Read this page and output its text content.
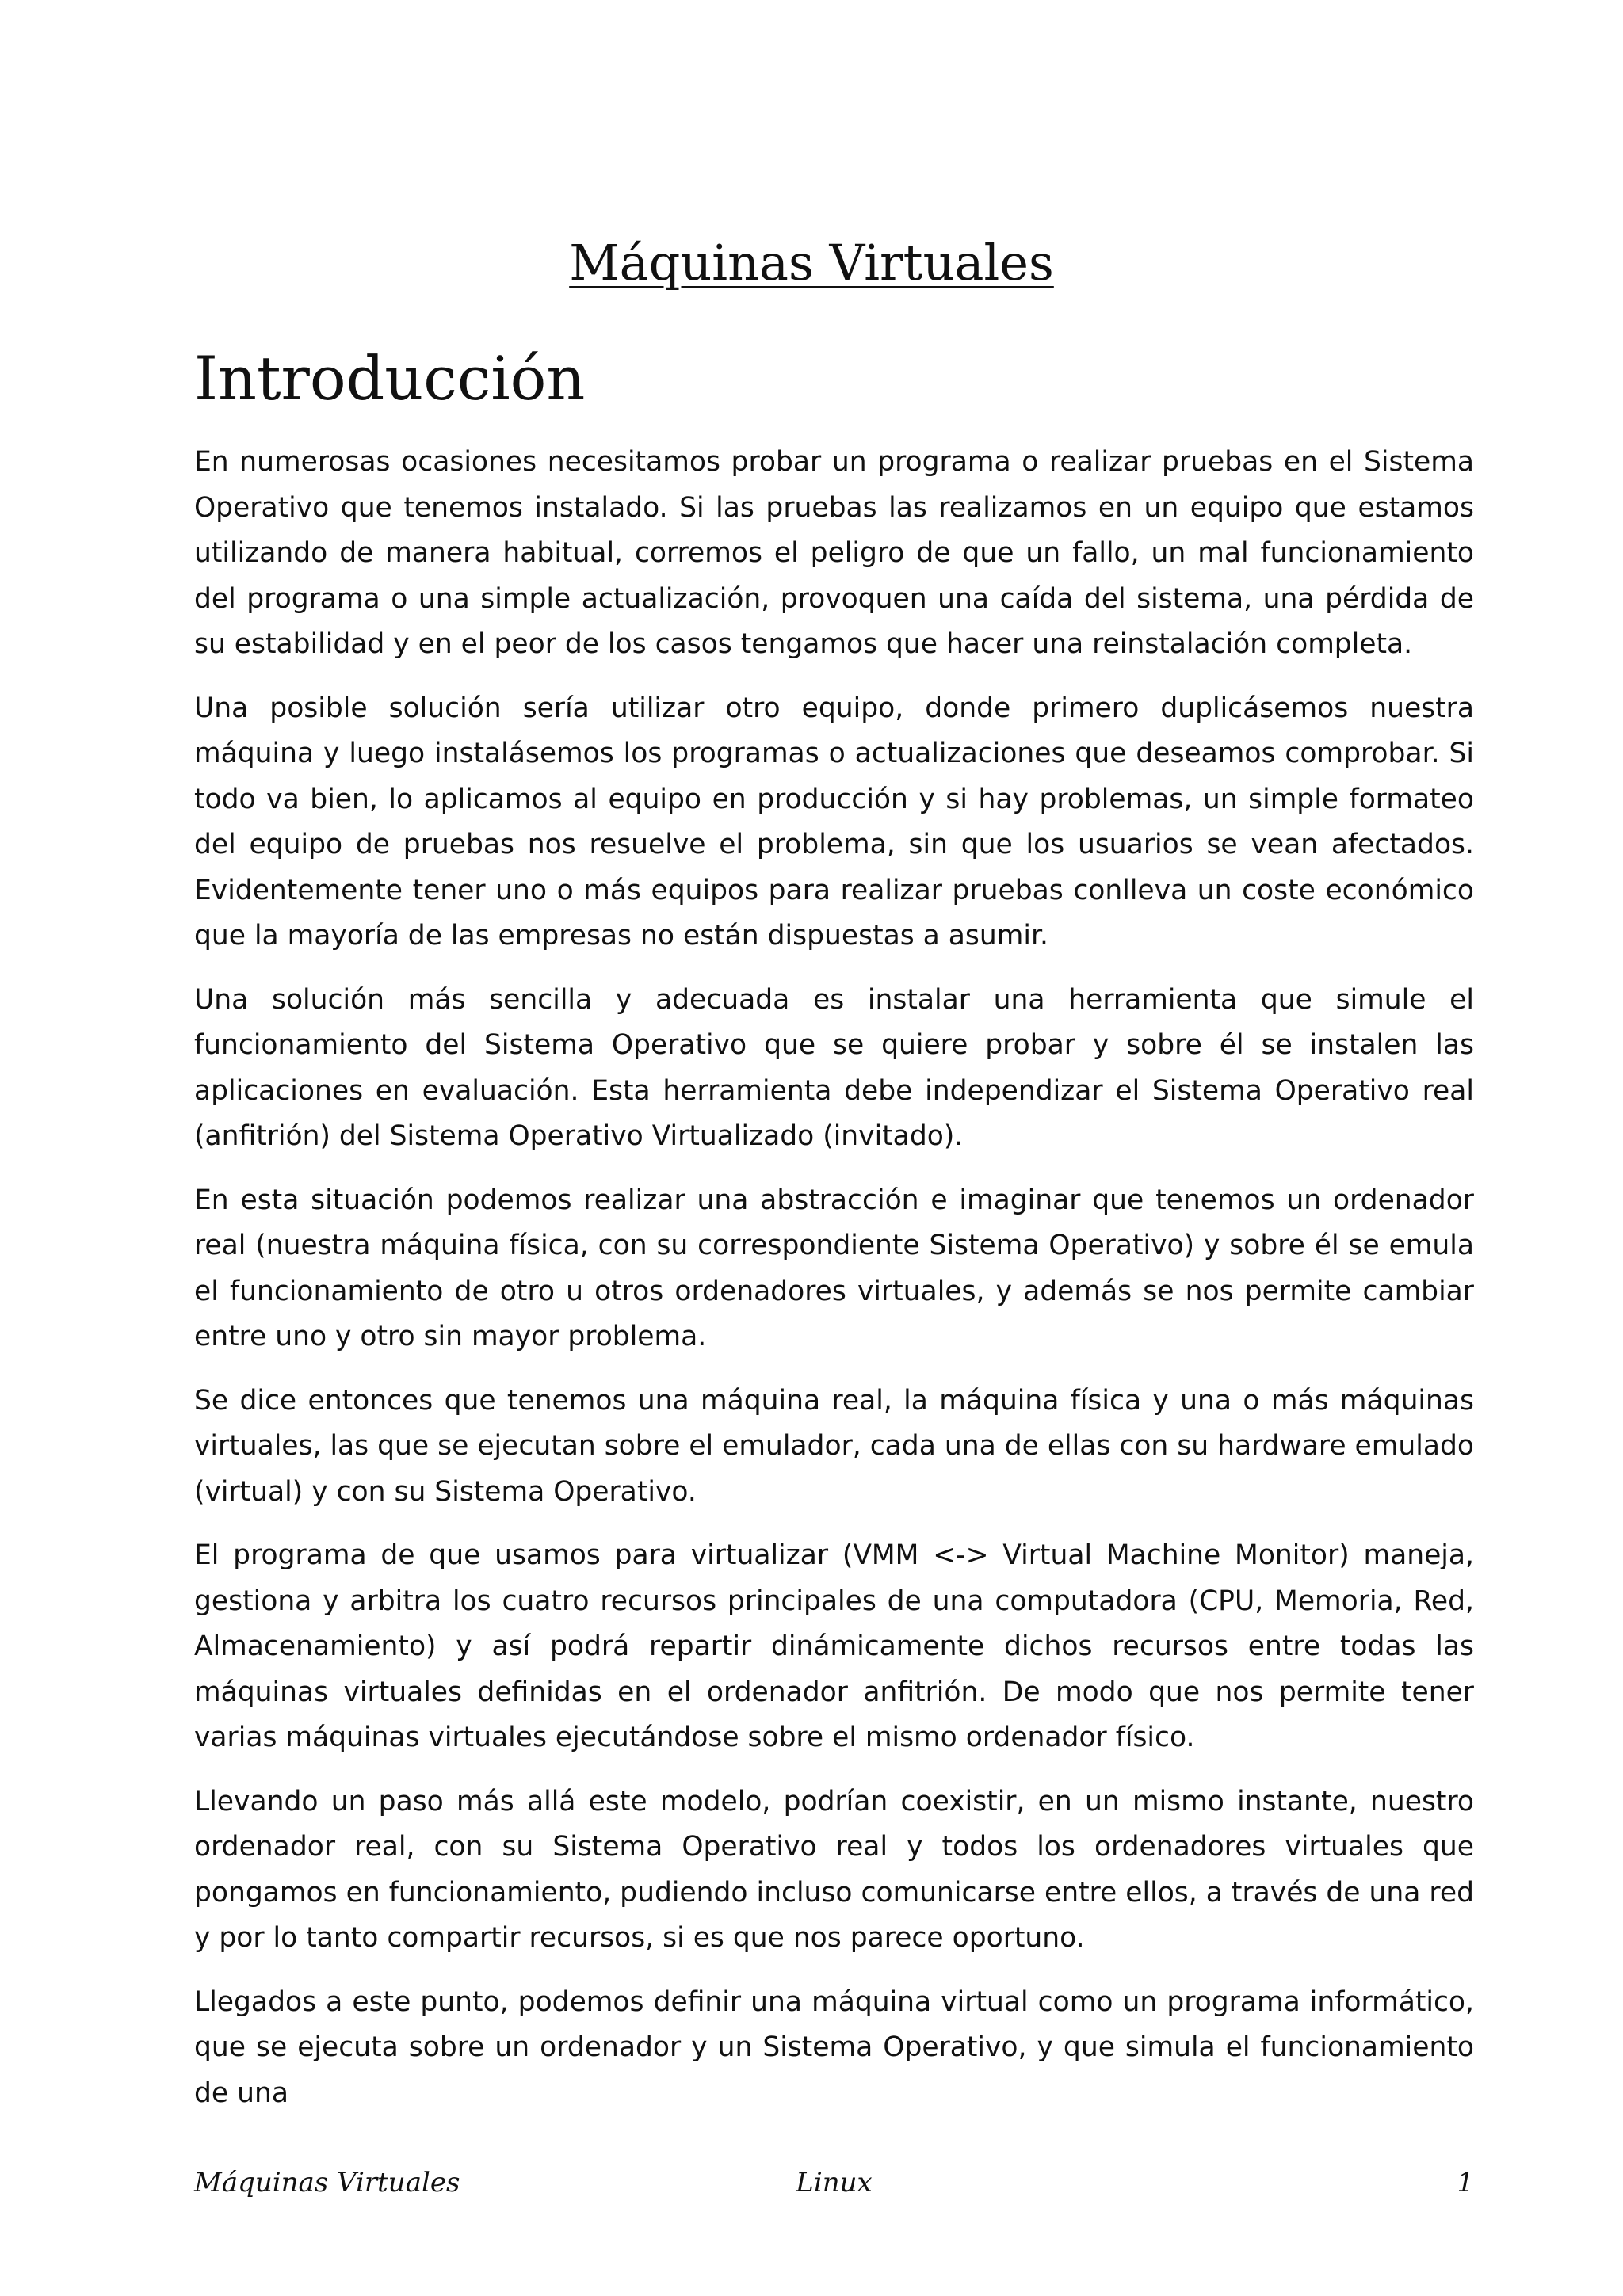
Máquinas Virtuales
Introducción

En numerosas ocasiones necesitamos probar un programa o realizar pruebas en el Sistema Operativo que tenemos instalado. Si las pruebas las realizamos en un equipo que estamos utilizando de manera habitual, corremos el peligro de que un fallo, un mal funcionamiento del programa o una simple actualización, provoquen una caída del sistema, una pérdida de su estabilidad y en el peor de los casos tengamos que hacer una reinstalación completa.

Una posible solución sería utilizar otro equipo, donde primero duplicásemos nuestra máquina y luego instalásemos los programas o actualizaciones que deseamos comprobar. Si todo va bien, lo aplicamos al equipo en producción y si hay problemas, un simple formateo del equipo de pruebas nos resuelve el problema, sin que los usuarios se vean afectados. Evidentemente tener uno o más equipos para realizar pruebas conlleva un coste económico que la mayoría de las empresas no están dispuestas a asumir.

Una solución más sencilla y adecuada es instalar una herramienta que simule el funcionamiento del Sistema Operativo que se quiere probar y sobre él se instalen las aplicaciones en evaluación. Esta herramienta debe independizar el Sistema Operativo real (anfitrión) del Sistema Operativo Virtualizado (invitado).

En esta situación podemos realizar una abstracción e imaginar que tenemos un ordenador real (nuestra máquina física, con su correspondiente Sistema Operativo) y sobre él se emula el funcionamiento de otro u otros ordenadores virtuales, y además se nos permite cambiar entre uno y otro sin mayor problema.

Se dice entonces que tenemos una máquina real, la máquina física y una o más máquinas virtuales, las que se ejecutan sobre el emulador, cada una de ellas con su hardware emulado (virtual) y con su Sistema Operativo.

El programa de que usamos para virtualizar (VMM <-> Virtual Machine Monitor) maneja, gestiona y arbitra los cuatro recursos principales de una computadora (CPU, Memoria, Red, Almacenamiento) y así podrá repartir dinámicamente dichos recursos entre todas las máquinas virtuales definidas en el ordenador anfitrión. De modo que nos permite tener varias máquinas virtuales ejecutándose sobre el mismo ordenador físico.

Llevando un paso más allá este modelo, podrían coexistir, en un mismo instante, nuestro ordenador real, con su Sistema Operativo real y todos los ordenadores virtuales que pongamos en funcionamiento, pudiendo incluso comunicarse entre ellos, a través de una red y por lo tanto compartir recursos, si es que nos parece oportuno.

Llegados a este punto, podemos definir una máquina virtual como un programa informático, que se ejecuta sobre un ordenador y un Sistema Operativo, y que simula el funcionamiento de una

Máquinas Virtuales	Linux	1
